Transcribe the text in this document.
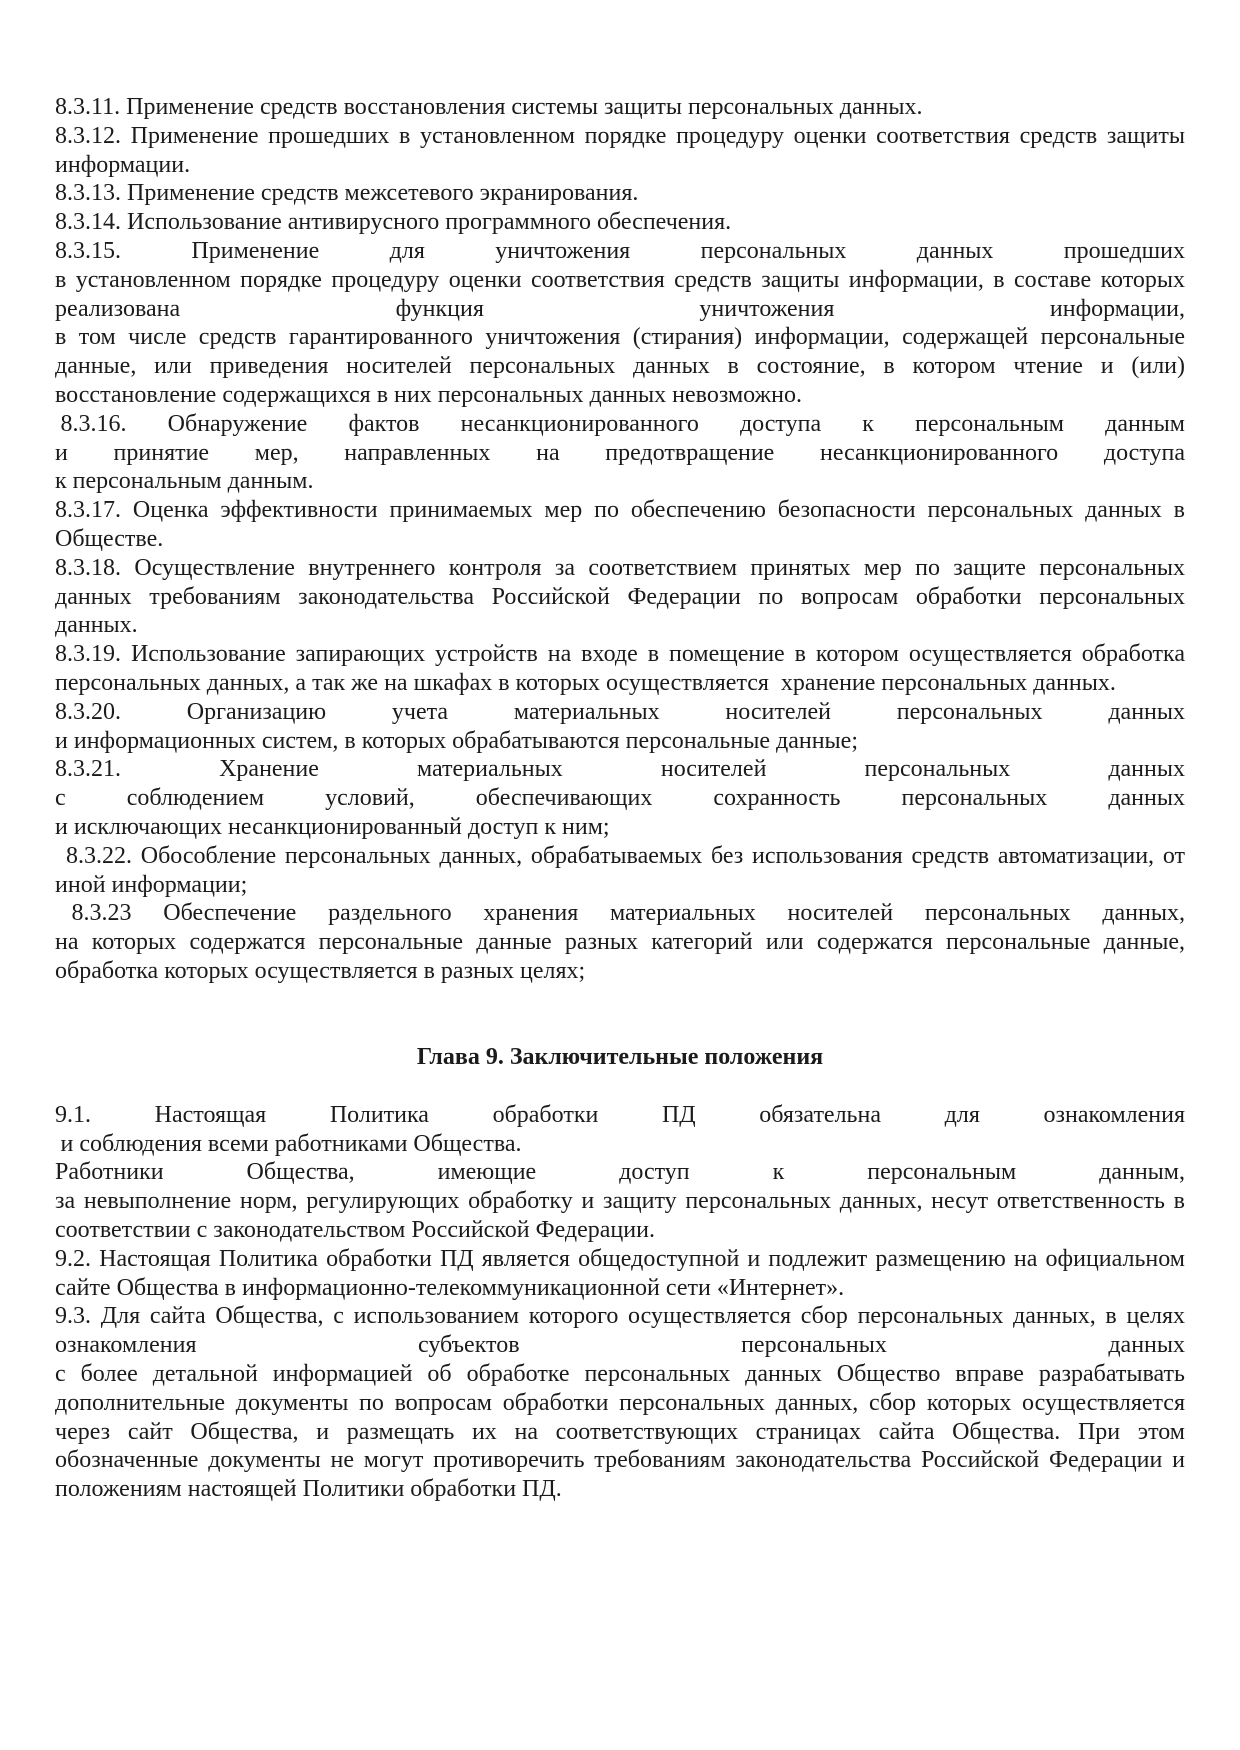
8.3.11. Применение средств восстановления системы защиты персональных данных.
8.3.12. Применение прошедших в установленном порядке процедуру оценки соответствия средств защиты
информации.
8.3.13. Применение средств межсетевого экранирования.
8.3.14. Использование антивирусного программного обеспечения.
8.3.15. Применение для уничтожения персональных данных прошедших
в установленном порядке процедуру оценки соответствия средств защиты информации, в составе которых
реализована функция уничтожения информации,
в том числе средств гарантированного уничтожения (стирания) информации, содержащей персональные
данные, или приведения носителей персональных данных в состояние, в котором чтение и (или)
восстановление содержащихся в них персональных данных невозможно.
8.3.16. Обнаружение фактов несанкционированного доступа к персональным данным
и принятие мер, направленных на предотвращение несанкционированного доступа
к персональным данным.
8.3.17. Оценка эффективности принимаемых мер по обеспечению безопасности персональных данных в
Обществе.
8.3.18. Осуществление внутреннего контроля за соответствием принятых мер по защите персональных
данных требованиям законодательства Российской Федерации по вопросам обработки персональных
данных.
8.3.19. Использование запирающих устройств на входе в помещение в котором осуществляется обработка
персональных данных, а так же на шкафах в которых осуществляется  хранение персональных данных.
8.3.20. Организацию учета материальных носителей персональных данных
и информационных систем, в которых обрабатываются персональные данные;
8.3.21. Хранение материальных носителей персональных данных
с соблюдением условий, обеспечивающих сохранность персональных данных
и исключающих несанкционированный доступ к ним;
8.3.22. Обособление персональных данных, обрабатываемых без использования средств автоматизации, от
иной информации;
8.3.23 Обеспечение раздельного хранения материальных носителей персональных данных,
на которых содержатся персональные данные разных категорий или содержатся персональные данные,
обработка которых осуществляется в разных целях;

Глава 9. Заключительные положения

9.1. Настоящая Политика обработки ПД обязательна для ознакомления
и соблюдения всеми работниками Общества.
Работники Общества, имеющие доступ к персональным данным,
за невыполнение норм, регулирующих обработку и защиту персональных данных, несут ответственность в
соответствии с законодательством Российской Федерации.
9.2. Настоящая Политика обработки ПД является общедоступной и подлежит размещению на официальном
сайте Общества в информационно-телекоммуникационной сети «Интернет».
9.3. Для сайта Общества, с использованием которого осуществляется сбор персональных данных, в целях
ознакомления субъектов персональных данных
с более детальной информацией об обработке персональных данных Общество вправе разрабатывать
дополнительные документы по вопросам обработки персональных данных, сбор которых осуществляется
через сайт Общества, и размещать их на соответствующих страницах сайта Общества. При этом
обозначенные документы не могут противоречить требованиям законодательства Российской Федерации и
положениям настоящей Политики обработки ПД.
